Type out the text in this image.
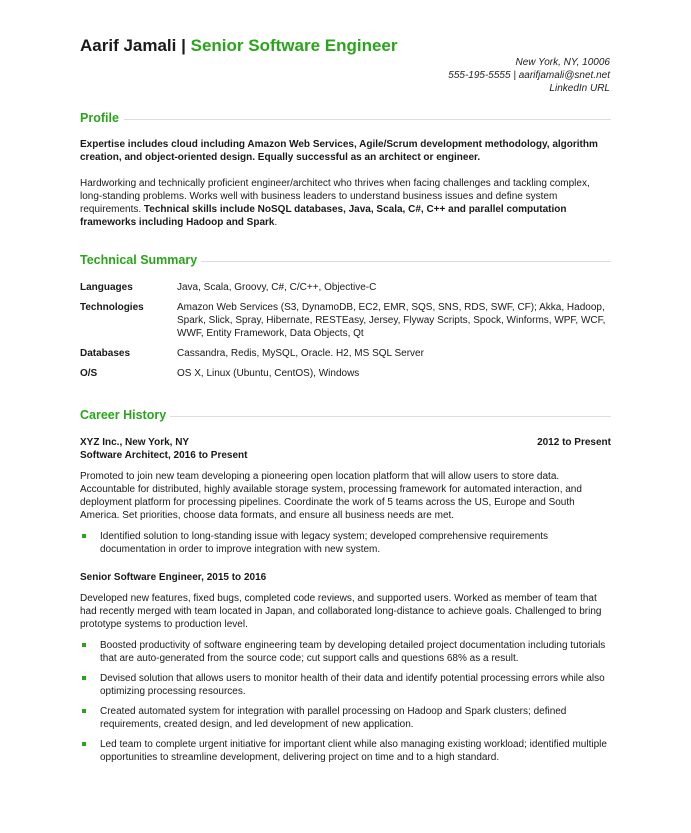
Aarif Jamali | Senior Software Engineer
New York, NY, 10006
555-195-5555 | aarifjamali@snet.net
LinkedIn URL
Profile

Expertise includes cloud including Amazon Web Services, Agile/Scrum development methodology, algorithm creation, and object-oriented design. Equally successful as an architect or engineer.

Hardworking and technically proficient engineer/architect who thrives when facing challenges and tackling complex, long-standing problems. Works well with business leaders to understand business issues and define system requirements. Technical skills include NoSQL databases, Java, Scala, C#, C++ and parallel computation frameworks including Hadoop and Spark.

Technical Summary
Languages	Java, Scala, Groovy, C#, C/C++, Objective-C
Technologies	Amazon Web Services (S3, DynamoDB, EC2, EMR, SQS, SNS, RDS, SWF, CF); Akka, Hadoop, Spark, Slick, Spray, Hibernate, RESTEasy, Jersey, Flyway Scripts, Spock, Winforms, WPF, WCF, WWF, Entity Framework, Data Objects, Qt
Databases	Cassandra, Redis, MySQL, Oracle. H2, MS SQL Server
O/S	OS X, Linux (Ubuntu, CentOS), Windows
Career History
XYZ Inc., New York, NY	2012 to Present
Software Architect, 2016 to Present

Promoted to join new team developing a pioneering open location platform that will allow users to store data. Accountable for distributed, highly available storage system, processing framework for automated interaction, and deployment platform for processing pipelines. Coordinate the work of 5 teams across the US, Europe and South America. Set priorities, choose data formats, and ensure all business needs are met.

Identified solution to long-standing issue with legacy system; developed comprehensive requirements documentation in order to improve integration with new system.
Senior Software Engineer, 2015 to 2016

Developed new features, fixed bugs, completed code reviews, and supported users. Worked as member of team that had recently merged with team located in Japan, and collaborated long-distance to achieve goals. Challenged to bring prototype systems to production level.

Boosted productivity of software engineering team by developing detailed project documentation including tutorials that are auto-generated from the source code; cut support calls and questions 68% as a result.
Devised solution that allows users to monitor health of their data and identify potential processing errors while also optimizing processing resources.
Created automated system for integration with parallel processing on Hadoop and Spark clusters; defined requirements, created design, and led development of new application.
Led team to complete urgent initiative for important client while also managing existing workload; identified multiple opportunities to streamline development, delivering project on time and to a high standard.
